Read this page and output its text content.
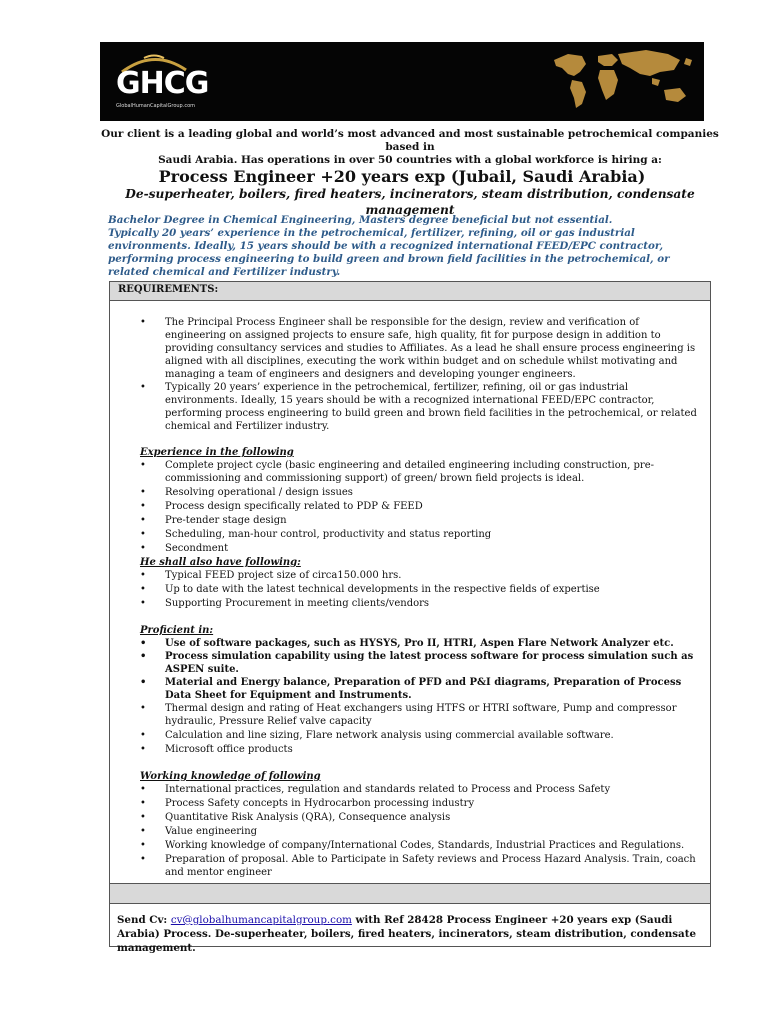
GHCG
GlobalHumanCapitalGroup.com
Our client is a leading global and world’s most advanced and most sustainable petrochemical companies based in
Saudi Arabia. Has operations in over 50 countries with a global workforce is hiring a:
Process Engineer +20 years exp (Jubail, Saudi Arabia)
De-superheater, boilers, fired heaters, incinerators, steam distribution, condensate management

Bachelor Degree in Chemical Engineering, Masters degree beneficial but not essential.

Typically 20 years’ experience in the petrochemical, fertilizer, refining, oil or gas industrial environments. Ideally, 15 years should be with a recognized international FEED/EPC contractor, performing process engineering to build green and brown field facilities in the petrochemical, or related chemical and Fertilizer industry.

REQUIREMENTS:
• The Principal Process Engineer shall be responsible for the design, review and verification of engineering on assigned projects to ensure safe, high quality, fit for purpose design in addition to providing consultancy services and studies to Affiliates. As a lead he shall ensure process engineering is aligned with all disciplines, executing the work within budget and on schedule whilst motivating and managing a team of engineers and designers and developing younger engineers.
• Typically 20 years’ experience in the petrochemical, fertilizer, refining, oil or gas industrial environments. Ideally, 15 years should be with a recognized international FEED/EPC contractor, performing process engineering to build green and brown field facilities in the petrochemical, or related chemical and Fertilizer industry.

Experience in the following

• Complete project cycle (basic engineering and detailed engineering including construction, pre-commissioning and commissioning support) of green/ brown field projects is ideal.
• Resolving operational / design issues
• Process design specifically related to PDP & FEED
• Pre-tender stage design
• Scheduling, man-hour control, productivity and status reporting
• Secondment

He shall also have following:

• Typical FEED project size of circa150.000 hrs.
• Up to date with the latest technical developments in the respective fields of expertise
• Supporting Procurement in meeting clients/vendors

Proficient in:

• Use of software packages, such as HYSYS, Pro II, HTRI, Aspen Flare Network Analyzer etc.
• Process simulation capability using the latest process software for process simulation such as ASPEN suite.
• Material and Energy balance, Preparation of PFD and P&I diagrams, Preparation of Process Data Sheet for Equipment and Instruments.
• Thermal design and rating of Heat exchangers using HTFS or HTRI software, Pump and compressor hydraulic, Pressure Relief valve capacity
• Calculation and line sizing, Flare network analysis using commercial available software.
• Microsoft office products

Working knowledge of following

• International practices, regulation and standards related to Process and Process Safety
• Process Safety concepts in Hydrocarbon processing industry
• Quantitative Risk Analysis (QRA), Consequence analysis
• Value engineering
• Working knowledge of company/International Codes, Standards, Industrial Practices and Regulations.
• Preparation of proposal. Able to Participate in Safety reviews and Process Hazard Analysis. Train, coach and mentor engineer
Send Cv: cv@globalhumancapitalgroup.com with Ref 28428 Process Engineer +20 years exp (Saudi Arabia) Process. De-superheater, boilers, fired heaters, incinerators, steam distribution, condensate management.
